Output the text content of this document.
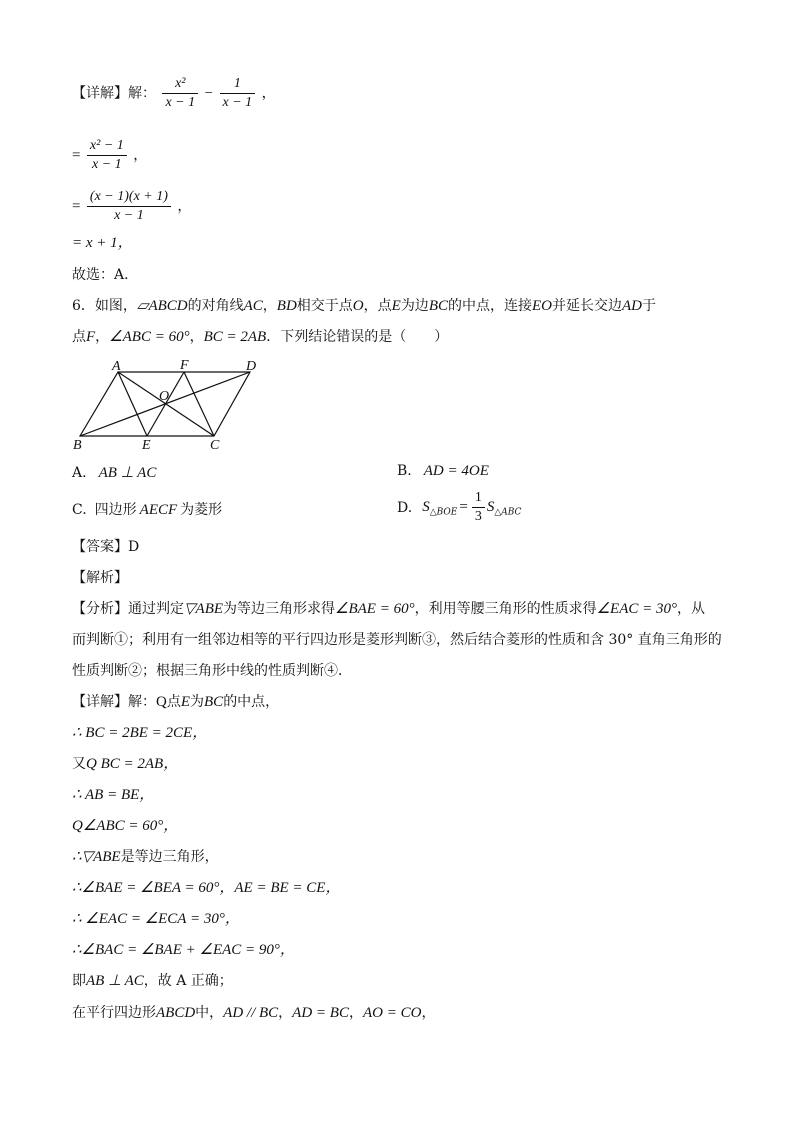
【详解】解： $\frac{\text{x²}}{x - 1} - \frac{1}{x - 1}$ ，
= $\frac{\text{x² − 1}}{x - 1}$ ，
= $\frac{(x - 1)(x + 1)}{x - 1}$ ，
= x + 1，
故选：A．
6．如图，▱ABCD的对角线AC，BD相交于点O，点E为边BC的中点，连接EO并延长交边AD于
点F，∠ABC = 60°，BC = 2AB．下列结论错误的是（　　）
A	F	D
O
B	E	C
A. AB ⊥ AC	B. AD = 4OE
C. 四边形 AECF 为菱形	D. $S_{\triangle BOE} = \frac{1}{3} S_{\triangle ABC}$
【答案】D
【解析】
【分析】通过判定▽ABE为等边三角形求得∠BAE = 60°，利用等腰三角形的性质求得∠EAC = 30°，从
而判断①；利用有一组邻边相等的平行四边形是菱形判断③，然后结合菱形的性质和含 30° 直角三角形的
性质判断②；根据三角形中线的性质判断④．
【详解】解：Q点E为BC的中点，
∴ BC = 2BE = 2CE，
又Q BC = 2AB，
∴ AB = BE，
Q∠ABC = 60°，
∴▽ABE是等边三角形，
∴∠BAE = ∠BEA = 60°，AE = BE = CE，
∴ ∠EAC = ∠ECA = 30°，
∴∠BAC = ∠BAE + ∠EAC = 90°，
即AB ⊥ AC，故 A 正确；
在平行四边形ABCD中，AD // BC，AD = BC，AO = CO，
